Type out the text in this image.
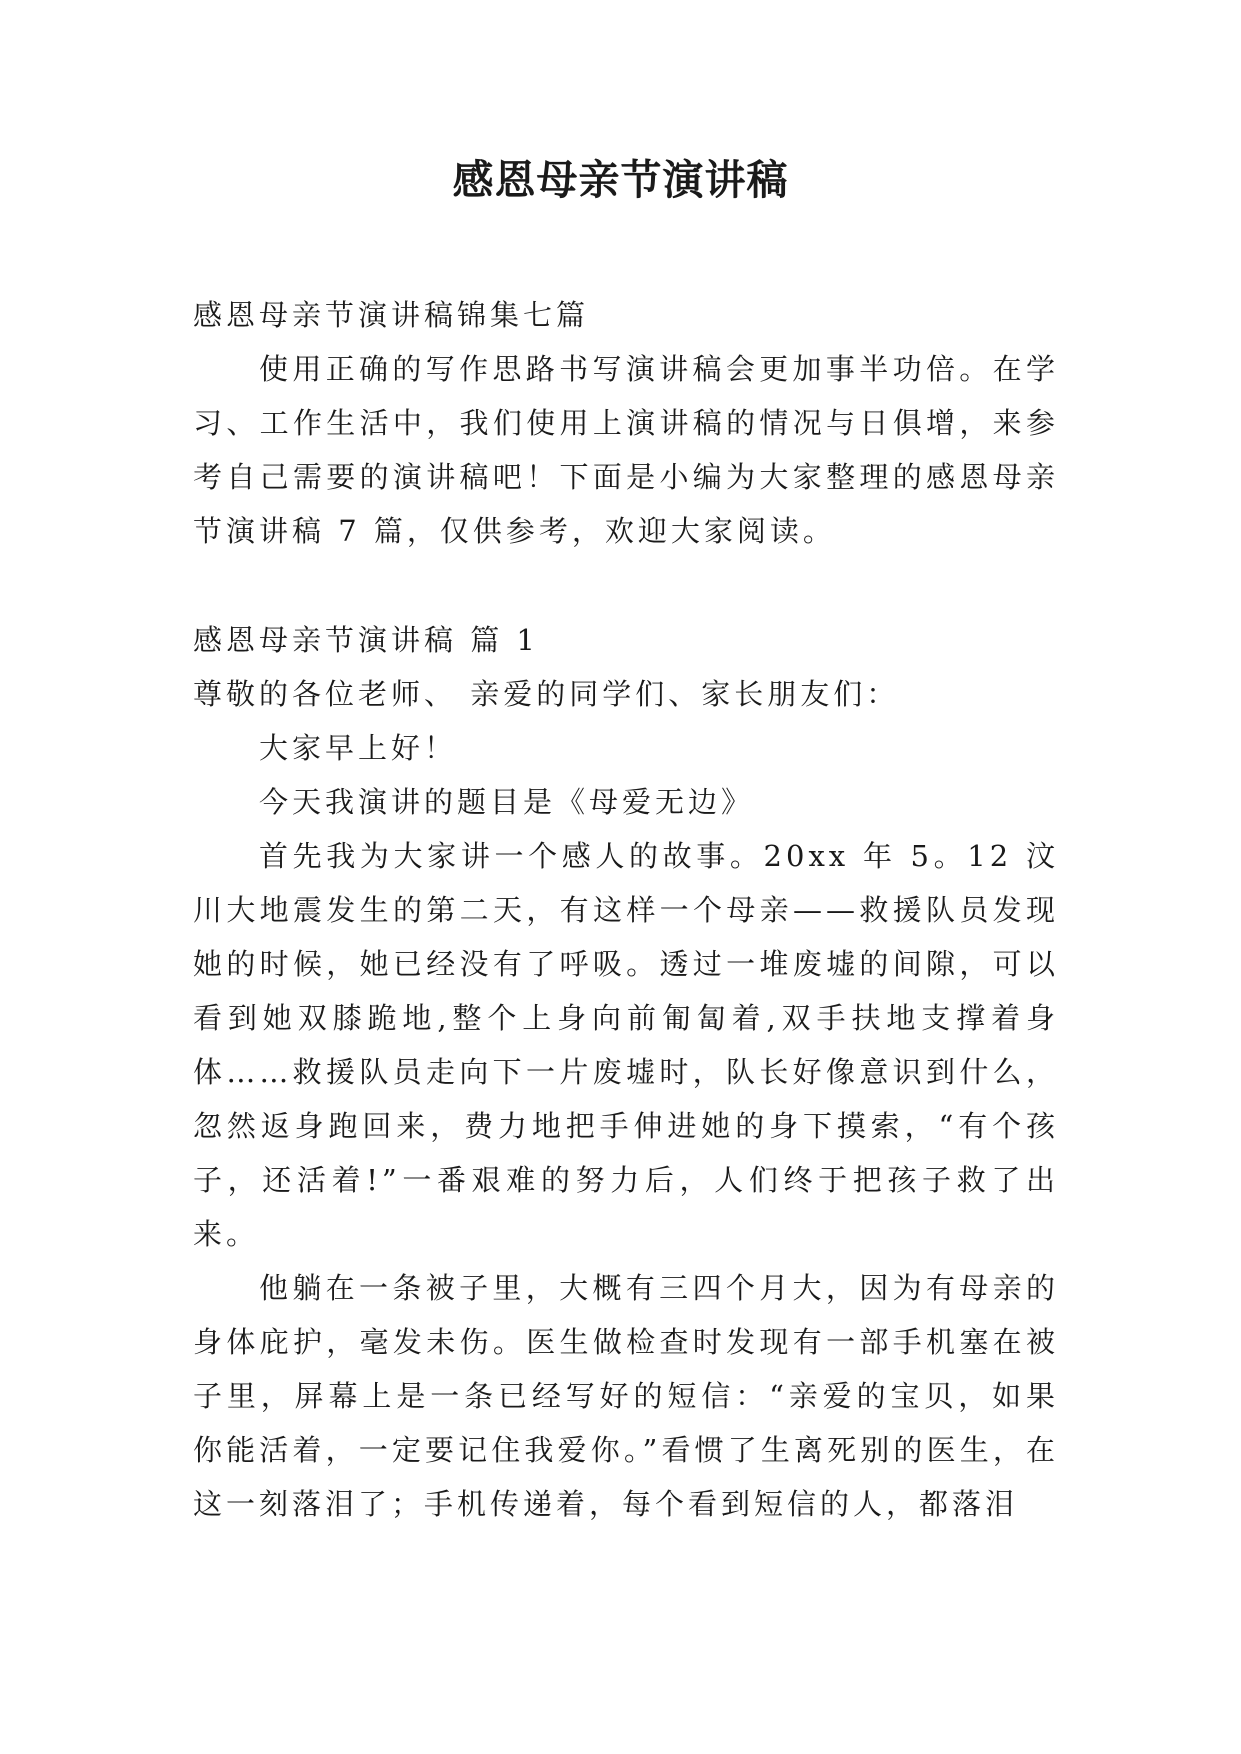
感恩母亲节演讲稿

感恩母亲节演讲稿锦集七篇

使用正确的写作思路书写演讲稿会更加事半功倍。在学习、工作生活中，我们使用上演讲稿的情况与日俱增，来参考自己需要的演讲稿吧！下面是小编为大家整理的感恩母亲节演讲稿 7 篇，仅供参考，欢迎大家阅读。

感恩母亲节演讲稿 篇 1

尊敬的各位老师、 亲爱的同学们、家长朋友们：

大家早上好！

今天我演讲的题目是《母爱无边》

首先我为大家讲一个感人的故事。20xx 年 5。12 汶川大地震发生的第二天，有这样一个母亲——救援队员发现她的时候，她已经没有了呼吸。透过一堆废墟的间隙，可以看到她双膝跪地,整个上身向前匍匐着,双手扶地支撑着身体……救援队员走向下一片废墟时，队长好像意识到什么，忽然返身跑回来，费力地把手伸进她的身下摸索，“有个孩子，还活着!”一番艰难的努力后，人们终于把孩子救了出来。

他躺在一条被子里，大概有三四个月大，因为有母亲的身体庇护，毫发未伤。医生做检查时发现有一部手机塞在被子里，屏幕上是一条已经写好的短信：“亲爱的宝贝，如果你能活着，一定要记住我爱你。”看惯了生离死别的医生，在这一刻落泪了；手机传递着，每个看到短信的人，都落泪
